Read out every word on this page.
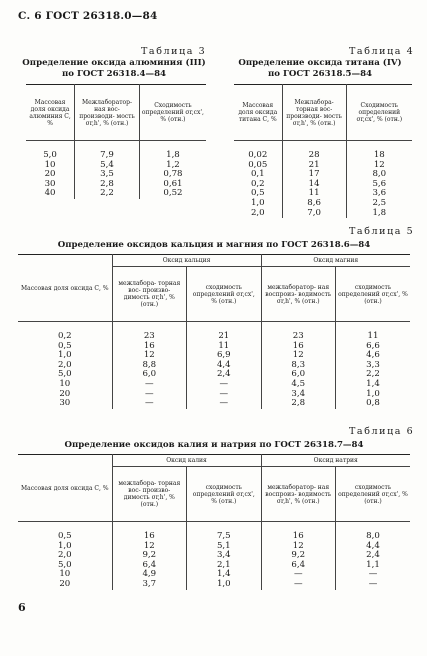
С. 6 ГОСТ 26318.0—84
Таблица 3
Определение оксида алюминия (III)
по ГОСТ 26318.4—84
Массовая доля оксида алюминия С, %	Межлаборатор- ная вос- производи- мость σr,h', % (отн.)	Сходимость определений σr,cx', % (отн.)
5,0	7,9	1,8
10	5,4	1,2
20	3,5	0,78
30	2,8	0,61
40	2,2	0,52
Таблица 4
Определение оксида титана (IV)
по ГОСТ 26318.5—84
Массовая доля оксида титана С, %	Межлабора- торная вос- производи- мость σr,h', % (отн.)	Сходимость определений σr,cx', % (отн.)
0,02	28	18
0,05	21	12
0,1	17	8,0
0,2	14	5,6
0,5	11	3,6
1,0	8,6	2,5
2,0	7,0	1,8
Таблица 5
Определение оксидов кальция и магния по ГОСТ 26318.6—84
Массовая доля оксида С, %	Оксид кальция		Оксид магния	
	межлабора- торная вос- произво- димость σr,h', % (отн.)	сходимость определений σr,cx', % (отн.)	межлаборатор- ная воспроиз- водимость σr,h', % (отн.)	сходимость определений σr,cx', % (отн.)
0,2	23	21	23	11
0,5	16	11	16	6,6
1,0	12	6,9	12	4,6
2,0	8,8	4,4	8,3	3,3
5,0	6,0	2,4	6,0	2,2
10	—	—	4,5	1,4
20	—	—	3,4	1,0
30	—	—	2,8	0,8
Таблица 6
Определение оксидов калия и натрия по ГОСТ 26318.7—84
Массовая доля оксида С, %	Оксид калия		Оксид натрия	
	межлабора- торная вос- произво- димость σr,h', % (отн.)	сходимость определений σr,cx', % (отн.)	межлаборатор- ная воспроиз- водимость σr,h', % (отн.)	сходимость определений σr,cx', % (отн.)
0,5	16	7,5	16	8,0
1,0	12	5,1	12	4,4
2,0	9,2	3,4	9,2	2,4
5,0	6,4	2,1	6,4	1,1
10	4,9	1,4	—	—
20	3,7	1,0	—	—
6
